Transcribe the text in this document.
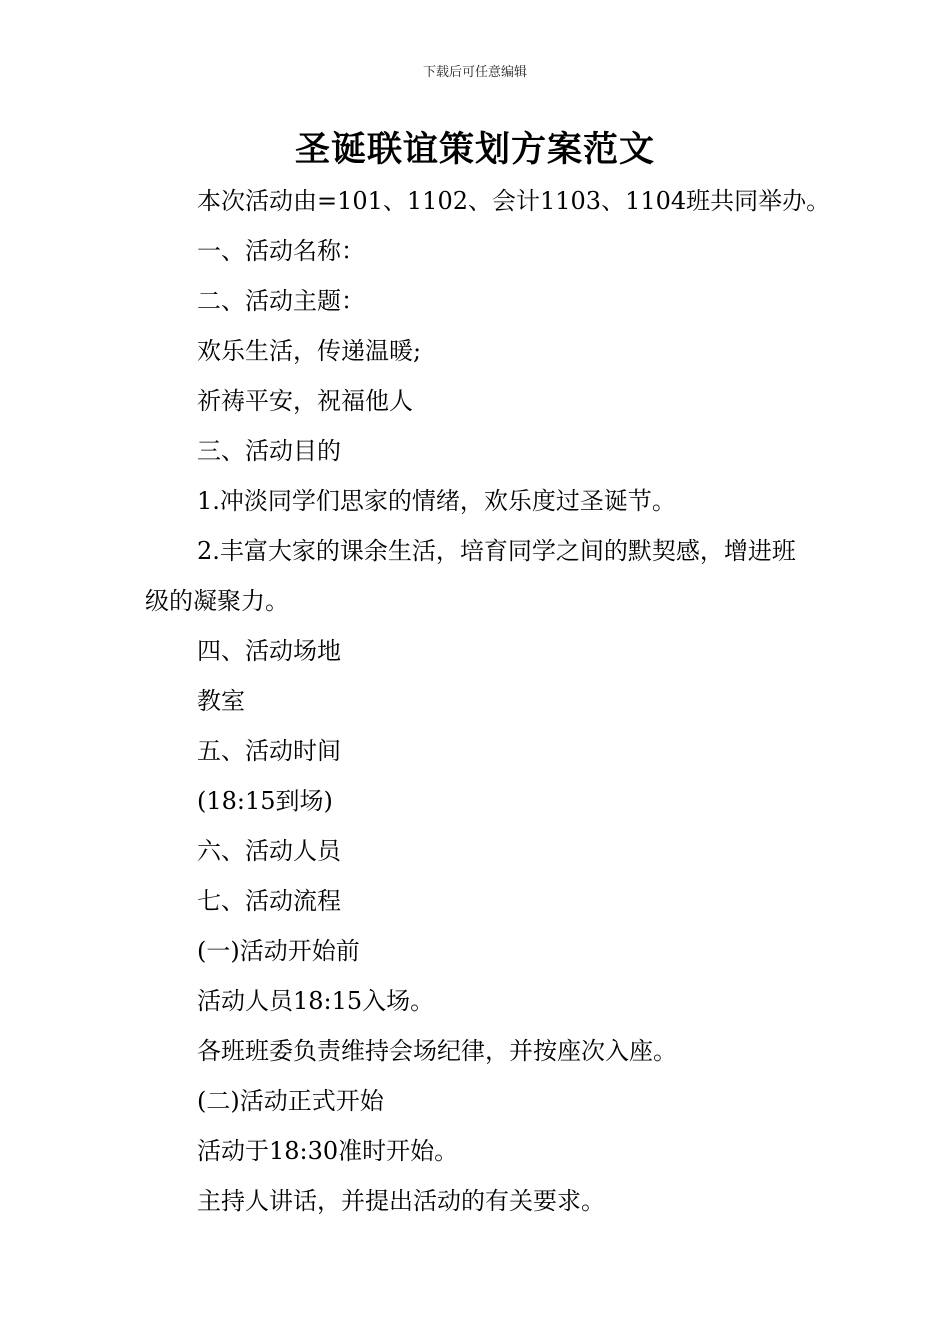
下载后可任意编辑
圣诞联谊策划方案范文

本次活动由=101、1102、会计1103、1104班共同举办。

一、活动名称：

二、活动主题：

欢乐生活，传递温暖;

祈祷平安，祝福他人

三、活动目的

1.冲淡同学们思家的情绪，欢乐度过圣诞节。

2.丰富大家的课余生活，培育同学之间的默契感，增进班级的凝聚力。

四、活动场地

教室

五、活动时间

(18:15到场)

六、活动人员

七、活动流程

(一)活动开始前

活动人员18:15入场。

各班班委负责维持会场纪律，并按座次入座。

(二)活动正式开始

活动于18:30准时开始。

主持人讲话，并提出活动的有关要求。
